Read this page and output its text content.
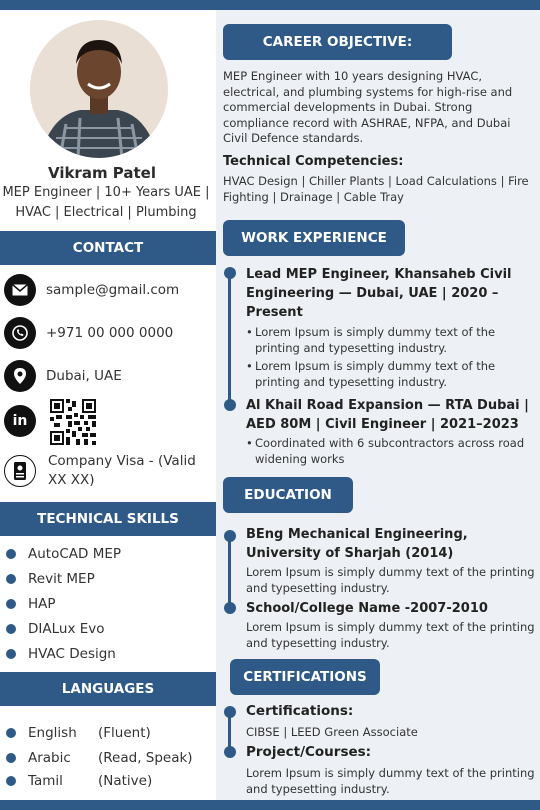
Vikram Patel
MEP Engineer | 10+ Years UAE |
HVAC | Electrical | Plumbing
CONTACT
sample@gmail.com
+971 00 000 0000
Dubai, UAE
in
Company Visa - (Valid
XX XX)
TECHNICAL SKILLS
AutoCAD MEP
Revit MEP
HAP
DIALux Evo
HVAC Design
LANGUAGES
English	(Fluent)
Arabic	(Read, Speak)
Tamil	(Native)
CAREER OBJECTIVE:
MEP Engineer with 10 years designing HVAC, electrical, and plumbing systems for high-rise and commercial developments in Dubai. Strong compliance record with ASHRAE, NFPA, and Dubai Civil Defence standards.
Technical Competencies:
HVAC Design | Chiller Plants | Load Calculations | Fire Fighting | Drainage | Cable Tray
WORK EXPERIENCE
Lead MEP Engineer, Khansaheb Civil Engineering — Dubai, UAE | 2020 – Present
• Lorem Ipsum is simply dummy text of the printing and typesetting industry.
• Lorem Ipsum is simply dummy text of the printing and typesetting industry.
Al Khail Road Expansion — RTA Dubai | AED 80M | Civil Engineer | 2021–2023
• Coordinated with 6 subcontractors across road widening works
EDUCATION
BEng Mechanical Engineering, University of Sharjah (2014)
Lorem Ipsum is simply dummy text of the printing and typesetting industry.
School/College Name -2007-2010
Lorem Ipsum is simply dummy text of the printing and typesetting industry.
CERTIFICATIONS
Certifications:
CIBSE | LEED Green Associate
Project/Courses:
Lorem Ipsum is simply dummy text of the printing and typesetting industry.
